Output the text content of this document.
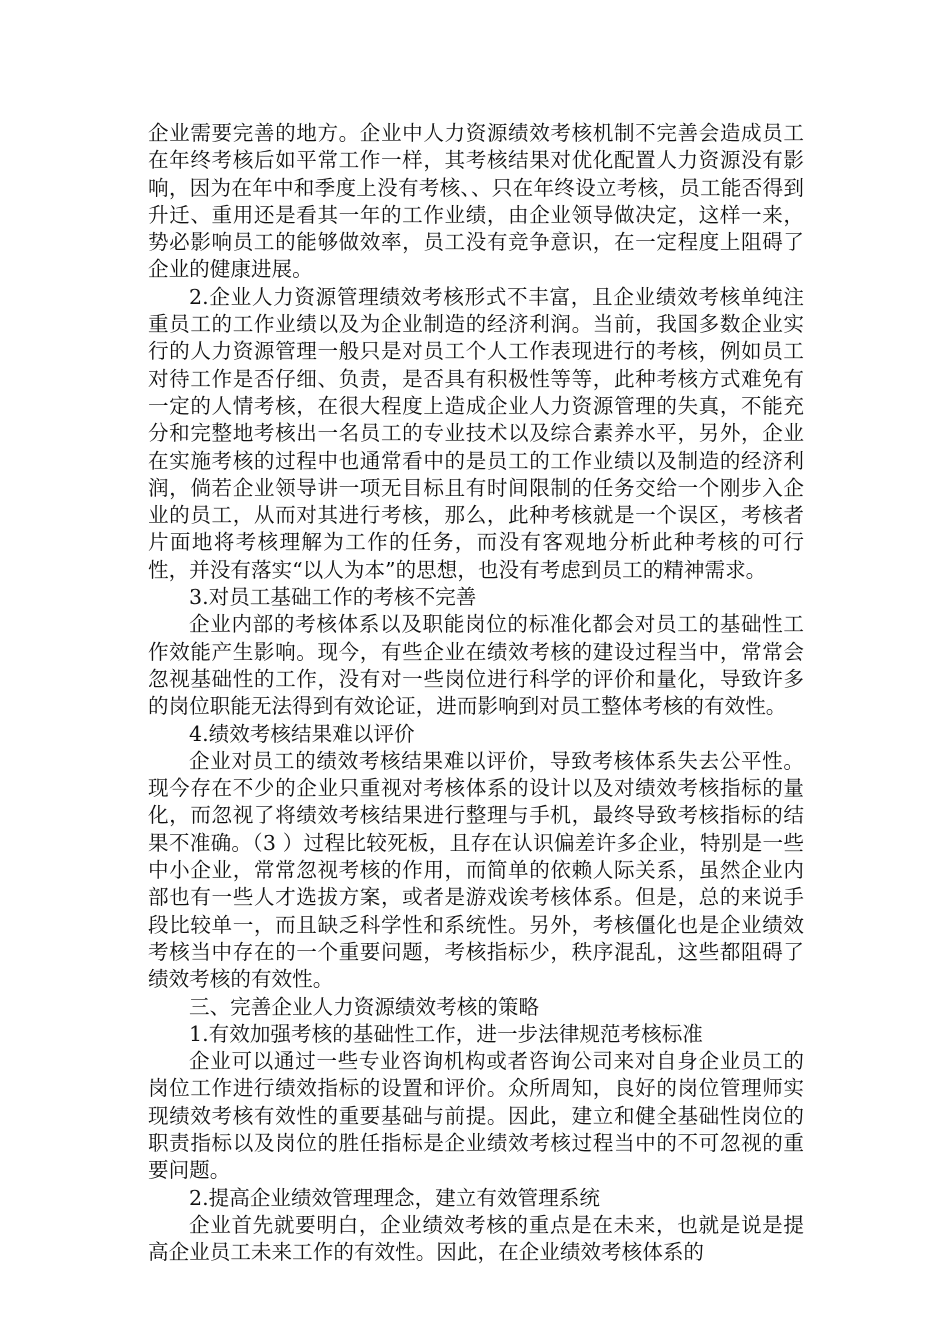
企业需要完善的地方。企业中人力资源绩效考核机制不完善会造成员工在年终考核后如平常工作一样，其考核结果对优化配置人力资源没有影响，因为在年中和季度上没有考核、、只在年终设立考核，员工能否得到升迁、重用还是看其一年的工作业绩，由企业领导做决定，这样一来，势必影响员工的能够做效率，员工没有竞争意识，在一定程度上阻碍了企业的健康进展。

2.企业人力资源管理绩效考核形式不丰富，且企业绩效考核单纯注重员工的工作业绩以及为企业制造的经济利润。当前，我国多数企业实行的人力资源管理一般只是对员工个人工作表现进行的考核，例如员工对待工作是否仔细、负责，是否具有积极性等等，此种考核方式难免有一定的人情考核，在很大程度上造成企业人力资源管理的失真，不能充分和完整地考核出一名员工的专业技术以及综合素养水平，另外，企业在实施考核的过程中也通常看中的是员工的工作业绩以及制造的经济利润，倘若企业领导讲一项无目标且有时间限制的任务交给一个刚步入企业的员工，从而对其进行考核，那么，此种考核就是一个误区，考核者片面地将考核理解为工作的任务，而没有客观地分析此种考核的可行性，并没有落实“以人为本”的思想，也没有考虑到员工的精神需求。

3.对员工基础工作的考核不完善

企业内部的考核体系以及职能岗位的标准化都会对员工的基础性工作效能产生影响。现今，有些企业在绩效考核的建设过程当中，常常会忽视基础性的工作，没有对一些岗位进行科学的评价和量化，导致许多的岗位职能无法得到有效论证，进而影响到对员工整体考核的有效性。

4.绩效考核结果难以评价

企业对员工的绩效考核结果难以评价，导致考核体系失去公平性。现今存在不少的企业只重视对考核体系的设计以及对绩效考核指标的量化，而忽视了将绩效考核结果进行整理与手机，最终导致考核指标的结果不准确。（3 ）过程比较死板，且存在认识偏差许多企业，特别是一些中小企业，常常忽视考核的作用，而简单的依赖人际关系，虽然企业内部也有一些人才选拔方案，或者是游戏诶考核体系。但是，总的来说手段比较单一，而且缺乏科学性和系统性。另外，考核僵化也是企业绩效考核当中存在的一个重要问题，考核指标少，秩序混乱，这些都阻碍了绩效考核的有效性。

三、完善企业人力资源绩效考核的策略

1.有效加强考核的基础性工作，进一步法律规范考核标准

企业可以通过一些专业咨询机构或者咨询公司来对自身企业员工的岗位工作进行绩效指标的设置和评价。众所周知，良好的岗位管理师实现绩效考核有效性的重要基础与前提。因此，建立和健全基础性岗位的职责指标以及岗位的胜任指标是企业绩效考核过程当中的不可忽视的重要问题。

2.提高企业绩效管理理念，建立有效管理系统

企业首先就要明白，企业绩效考核的重点是在未来，也就是说是提高企业员工未来工作的有效性。因此，在企业绩效考核体系的
